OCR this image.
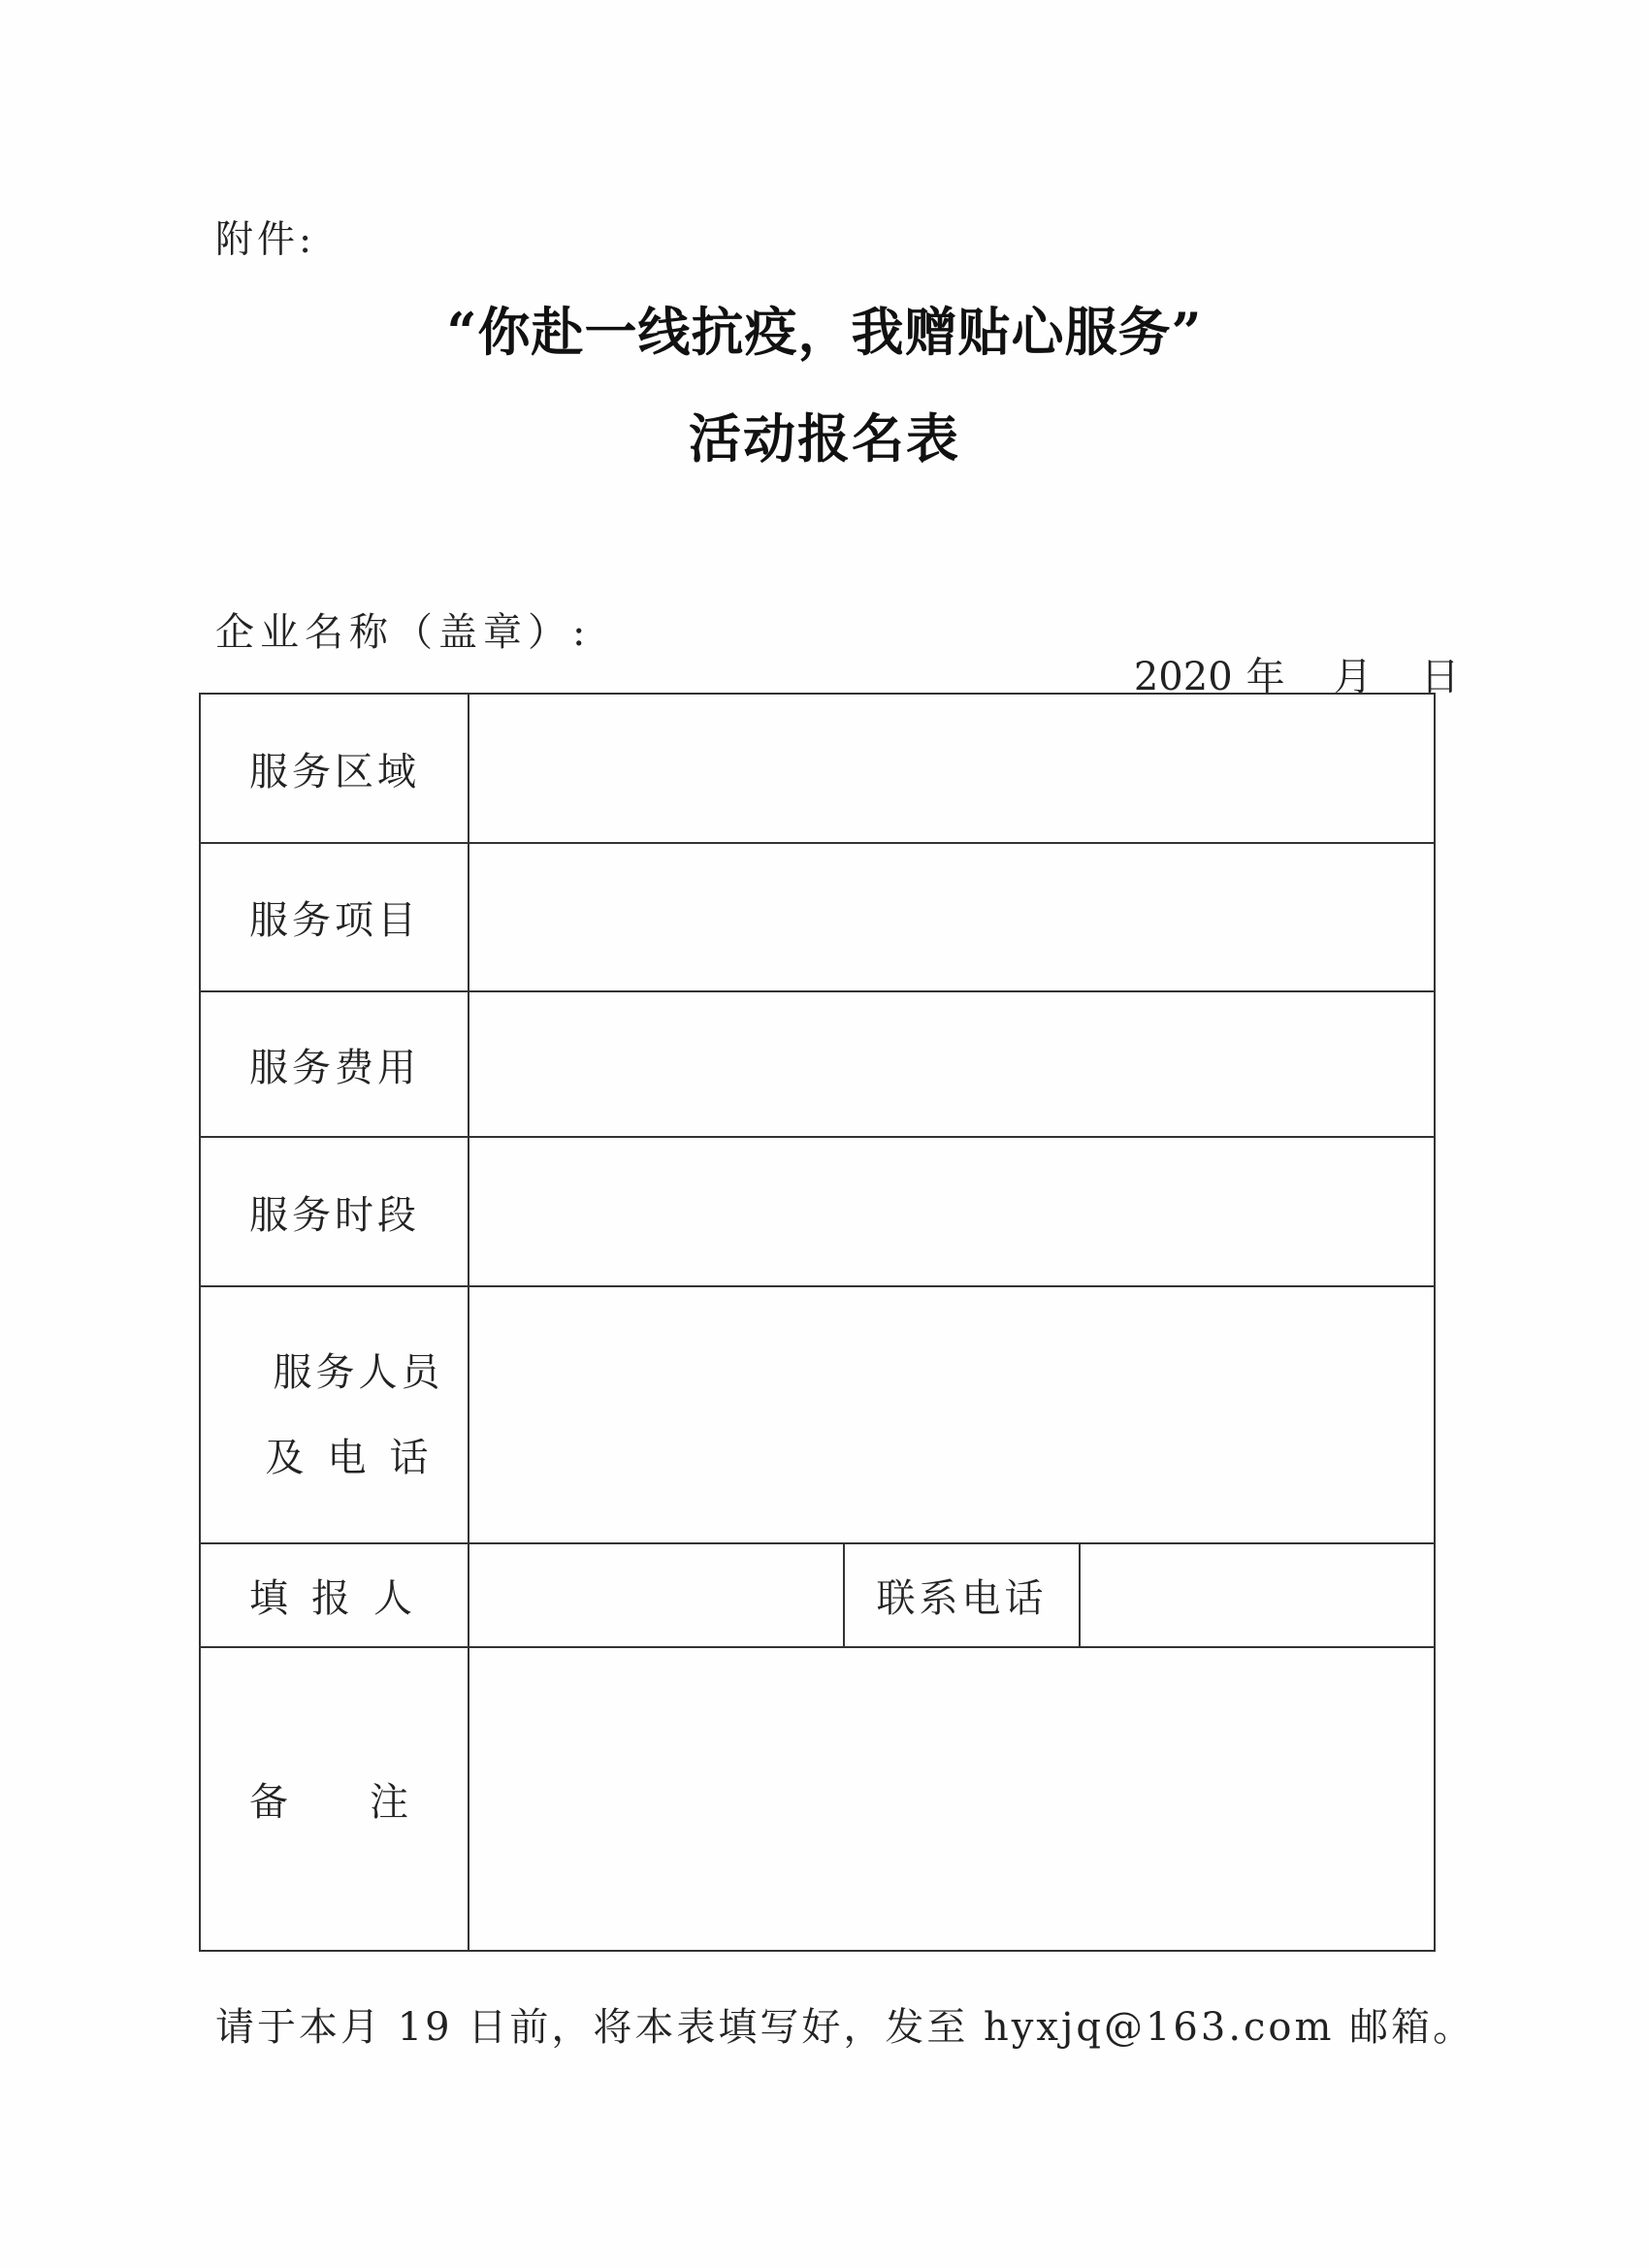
附件:
“你赴一线抗疫，我赠贴心服务”
活动报名表
企业名称（盖章）:

2020 年 月 日

服务区域
服务项目
服务费用
服务时段
服务人员
及电话
填报人	联系电话
备 注
请于本月 19 日前，将本表填写好，发至 hyxjq@163.com 邮箱。
